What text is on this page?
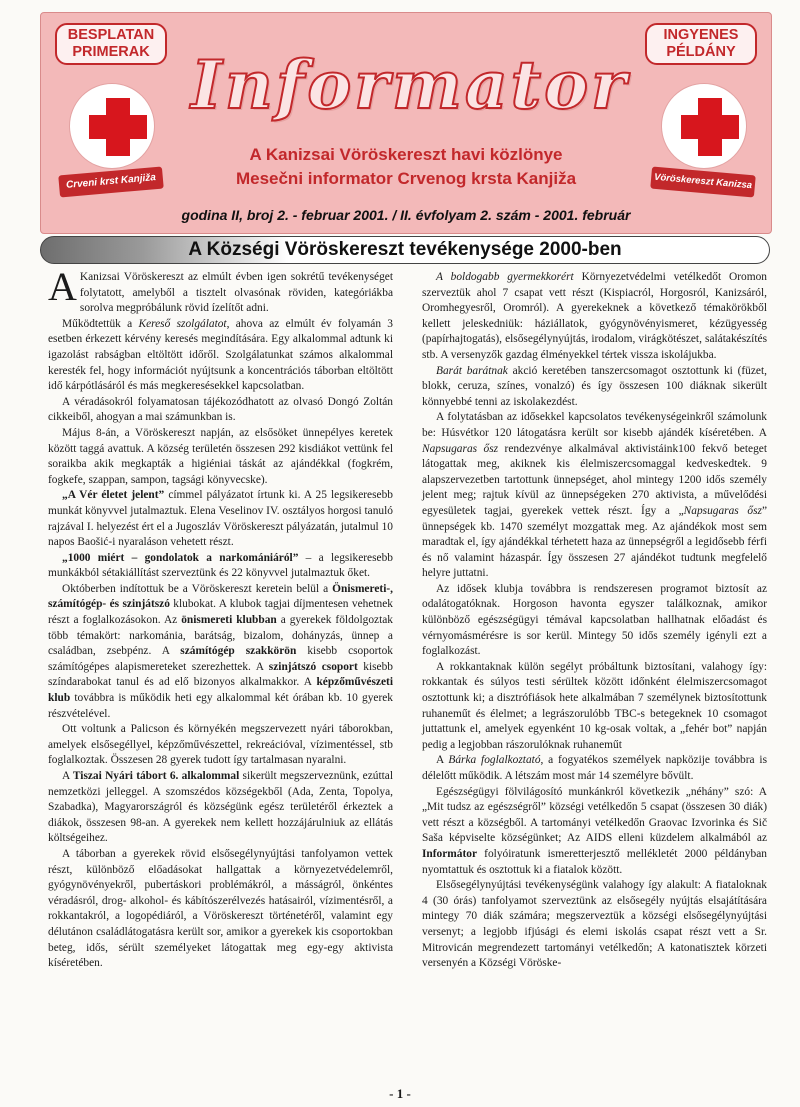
BESPLATAN
PRIMERAK
INGYENES
PÉLDÁNY
Crveni krst Kanjiža	Vöröskereszt Kanizsa
Informator
A Kanizsai Vöröskereszt havi közlönye
Mesečni informator Crvenog krsta Kanjiža
godina II, broj 2. - februar 2001. / II. évfolyam 2. szám - 2001. február
A Községi Vöröskereszt tevékenysége 2000-ben

A Kanizsai Vöröskereszt az elmúlt évben igen sokrétű tevékenységet folytatott, amelyből a tisztelt olvasónak röviden, kategóriákba sorolva megpróbálunk rövid ízelítőt adni.

Működtettük a Kereső szolgálatot, ahova az elmúlt év folyamán 3 esetben érkezett kérvény keresés megindítására. Egy alkalommal adtunk ki igazolást rabságban eltöltött időről. Szolgálatunkat számos alkalommal keresték fel, hogy információt nyújtsunk a koncentrációs táborban eltöltött idő kárpótlásáról és más megkeresésekkel kapcsolatban.

A véradásokról folyamatosan tájékozódhatott az olvasó Dongó Zoltán cikkeiből, ahogyan a mai számunkban is.

Május 8-án, a Vöröskereszt napján, az elsősöket ünnepélyes keretek között taggá avattuk. A község területén összesen 292 kisdiákot vettünk fel soraikba akik megkapták a higiéniai táskát az ajándékkal (fogkrém, fogkefe, szappan, sampon, tagsági könyvecske).

„A Vér életet jelent” címmel pályázatot írtunk ki. A 25 legsikeresebb munkát könyvvel jutalmaztuk. Elena Veselinov IV. osztályos horgosi tanuló rajzával I. helyezést ért el a Jugoszláv Vöröskereszt pályázatán, jutalmul 10 napos Baošić-i nyaraláson vehetett részt.

„1000 miért – gondolatok a narkomániáról” – a legsikeresebb munkákból sétakiállítást szerveztünk és 22 könyvvel jutalmaztuk őket.

Októberben indítottuk be a Vöröskereszt keretein belül a Önismereti-, számítógép- és szinjátszó klubokat. A klubok tagjai díjmentesen vehetnek részt a foglalkozásokon. Az önismereti klubban a gyerekek földolgoztak több témakört: narkománia, barátság, bizalom, dohányzás, ünnep a családban, zsebpénz. A számítógép szakkörön kisebb csoportok számítógépes alapismereteket szerezhettek. A szinjátszó csoport kisebb színdarabokat tanul és ad elő bizonyos alkalmakkor. A képzőművészeti klub továbbra is működik heti egy alkalommal két órában kb. 10 gyerek részvételével.

Ott voltunk a Palicson és környékén megszervezett nyári táborokban, amelyek elsősegéllyel, képzőművészettel, rekreációval, vízimentéssel, stb foglalkoztak. Összesen 28 gyerek tudott így tartalmasan nyaralni.

A Tiszai Nyári tábort 6. alkalommal sikerült megszerveznünk, ezúttal nemzetközi jelleggel. A szomszédos községekből (Ada, Zenta, Topolya, Szabadka), Magyarországról és községünk egész területéről érkeztek a diákok, összesen 98-an. A gyerekek nem kellett hozzájárulniuk az ellátás költségeihez.

A táborban a gyerekek rövid elsősegélynyújtási tanfolyamon vettek részt, különböző előadásokat hallgattak a környezetvédelemről, gyógynövényekről, pubertáskori problémákról, a másságról, önkéntes véradásról, drog- alkohol- és kábítószerélvezés hatásairól, vízimentésről, a rokkantakról, a logopédiáról, a Vöröskereszt történetéről, valamint egy délutánon családlátogatásra került sor, amikor a gyerekek kis csoportokban beteg, idős, sérült személyeket látogattak meg egy-egy aktivista kíséretében.

A boldogabb gyermekkorért Környezetvédelmi vetélkedőt Oromon szerveztük ahol 7 csapat vett részt (Kispiacról, Horgosról, Kanizsáról, Oromhegyesről, Oromról). A gyerekeknek a következő témakörökből kellett jeleskedniük: háziállatok, gyógynövényismeret, kézügyesség (papírhajtogatás), elsősegélynyújtás, irodalom, virágkötészet, salátakészítés stb. A versenyzők gazdag élményekkel tértek vissza iskolájukba.

Barát barátnak akció keretében tanszercsomagot osztottunk ki (füzet, blokk, ceruza, színes, vonalzó) és így összesen 100 diáknak sikerült könnyebbé tenni az iskolakezdést.

A folytatásban az idősekkel kapcsolatos tevékenységeinkről számolunk be: Húsvétkor 120 látogatásra került sor kisebb ajándék kíséretében. A Napsugaras ősz rendezvénye alkalmával aktivistáink100 fekvő beteget látogattak meg, akiknek kis élelmiszercsomaggal kedveskedtek. 9 alapszervezetben tartottunk ünnepséget, ahol mintegy 1200 idős személy jelent meg; rajtuk kívül az ünnepségeken 270 aktivista, a művelődési egyesületek tagjai, gyerekek vettek részt. Így a „Napsugaras ősz” ünnepségek kb. 1470 személyt mozgattak meg. Az ajándékok most sem maradtak el, így ajándékkal térhetett haza az ünnepségről a legidősebb férfi és nő valamint házaspár. Így összesen 27 ajándékot tudtunk megfelelő helyre juttatni.

Az idősek klubja továbbra is rendszeresen programot biztosít az odalátogatóknak. Horgoson havonta egyszer találkoznak, amikor különböző egészségügyi témával kapcsolatban hallhatnak előadást és vérnyomásmérésre is sor kerül. Mintegy 50 idős személy igényli ezt a foglalkozást.

A rokkantaknak külön segélyt próbáltunk biztosítani, valahogy így: rokkantak és súlyos testi sérültek között időnként élelmiszercsomagot osztottunk ki; a disztrófiások hete alkalmában 7 személynek biztosítottunk ruhaneműt és élelmet; a legrászorulóbb TBC-s betegeknek 10 csomagot juttattunk el, amelyek egyenként 10 kg-osak voltak, a „fehér bot” napján pedig a legjobban rászorulóknak ruhaneműt

A Bárka foglalkoztató, a fogyatékos személyek napközije továbbra is délelőtt működik. A létszám most már 14 személyre bővült.

Egészségügyi fölvilágosító munkánkról következik „néhány” szó: A „Mit tudsz az egészségről” községi vetélkedőn 5 csapat (összesen 30 diák) vett részt a községből. A tartományi vetélkedőn Graovac Izvorinka és Sič Saša képviselte községünket; Az AIDS elleni küzdelem alkalmából az Informátor folyóiratunk ismeretterjesztő mellékletét 2000 példányban nyomtattuk és osztottuk ki a fiatalok között.

Elsősegélynyújtási tevékenységünk valahogy így alakult: A fiataloknak 4 (30 órás) tanfolyamot szerveztünk az elsősegély nyújtás elsajátítására mintegy 70 diák számára; megszerveztük a községi elsősegélynyújtási versenyt; a legjobb ifjúsági és elemi iskolás csapat részt vett a Sr. Mitrovicán megrendezett tartományi vetélkedőn; A katonatisztek körzeti versenyén a Községi Vöröske-

- 1 -
